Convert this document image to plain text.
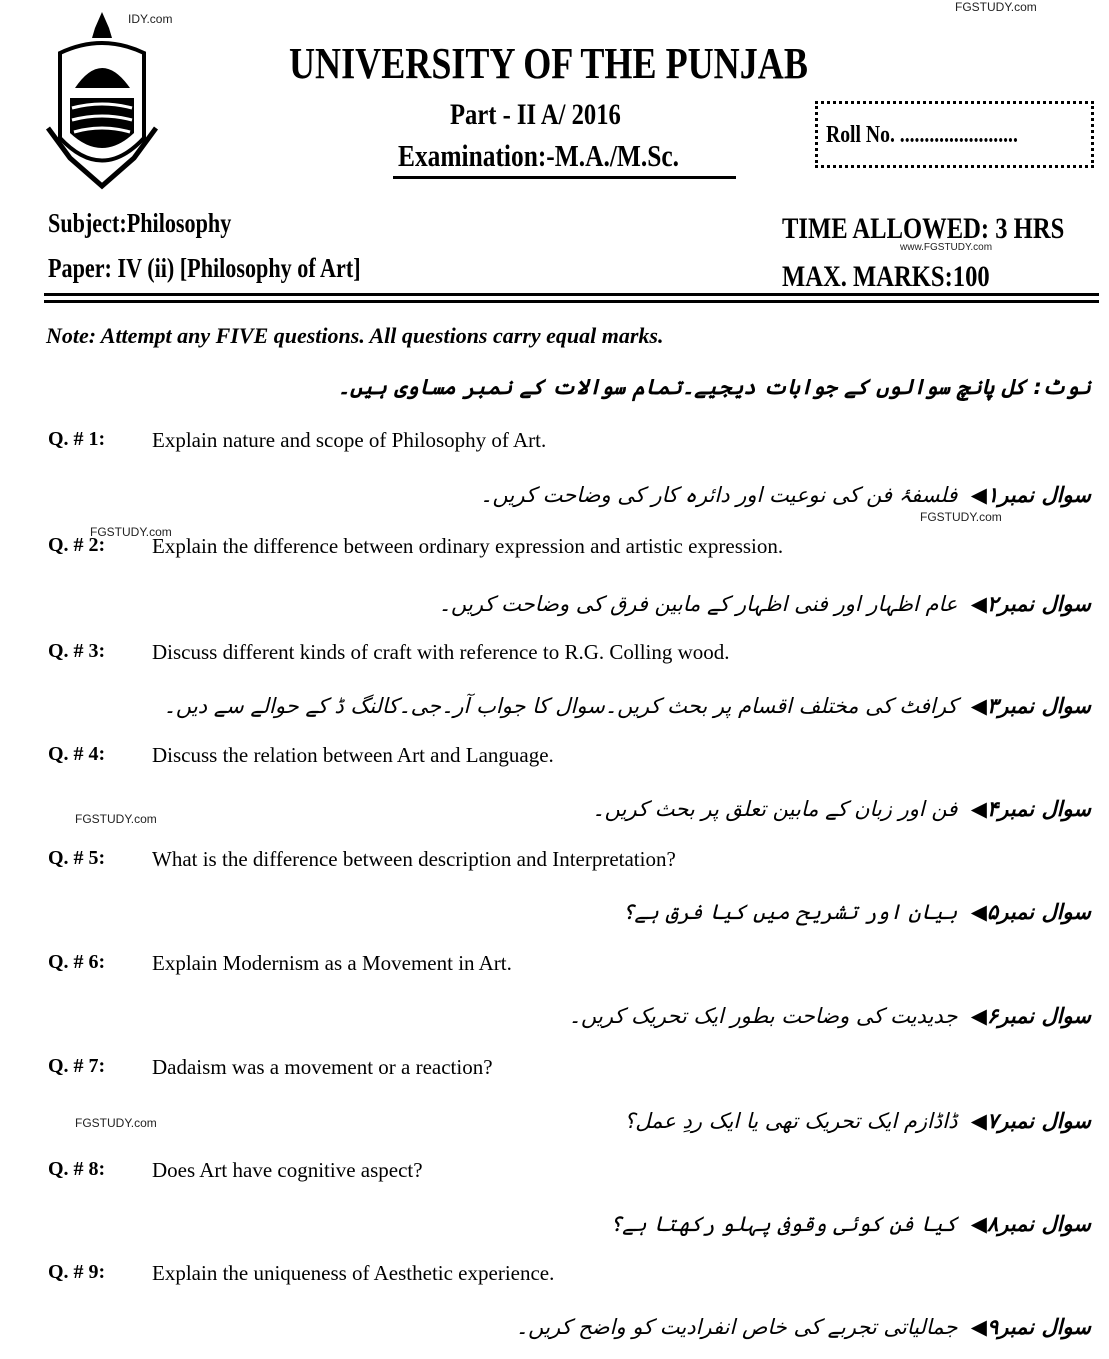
FGSTUDY.com
IDY.com
UNIVERSITY OF THE PUNJAB
Part - II A/ 2016
Examination:-M.A./M.Sc.
Roll No. ........................
Subject:Philosophy
Paper: IV (ii) [Philosophy of Art]
TIME ALLOWED: 3 HRS
www.FGSTUDY.com
MAX. MARKS:100
Note: Attempt any FIVE questions. All questions carry equal marks.
نوٹ: کل پانچ سوالوں کے جوابات دیجیے۔تمام سوالات کے نمبر مساوی ہیں۔
Q. # 1: Explain nature and scope of Philosophy of Art.
سوال نمبر۱◀  فلسفۂ فن کی نوعیت اور دائرہ کار کی وضاحت کریں۔
Q. # 2: Explain the difference between ordinary expression and artistic expression.
سوال نمبر۲◀  عام اظہار اور فنی اظہار کے مابین فرق کی وضاحت کریں۔
Q. # 3: Discuss different kinds of craft with reference to R.G. Colling wood.
سوال نمبر۳◀  کرافٹ کی مختلف اقسام پر بحث کریں۔سوال کا جواب آر۔جی۔کالنگ ڈ کے حوالے سے دیں۔
Q. # 4: Discuss the relation between Art and Language.
سوال نمبر۴◀  فن اور زبان کے مابین تعلق پر بحث کریں۔
Q. # 5: What is the difference between description and Interpretation?
سوال نمبر۵◀  بیان اور تشریح میں کیا فرق ہے؟
Q. # 6: Explain Modernism as a Movement in Art.
سوال نمبر۶◀  جدیدیت کی وضاحت بطور ایک تحریک کریں۔
Q. # 7: Dadaism was a movement or a reaction?
سوال نمبر۷◀  ڈاڈازم ایک تحریک تھی یا ایک ردِ عمل؟
Q. # 8: Does Art have cognitive aspect?
سوال نمبر۸◀  کیا فن کوئی وقوفی پہلو رکھتا ہے؟
Q. # 9: Explain the uniqueness of Aesthetic experience.
سوال نمبر۹◀  جمالیاتی تجربے کی خاص انفرادیت کو واضح کریں۔
FGSTUDY.com
FGSTUDY.com
FGSTUDY.com
FGSTUDY.com
